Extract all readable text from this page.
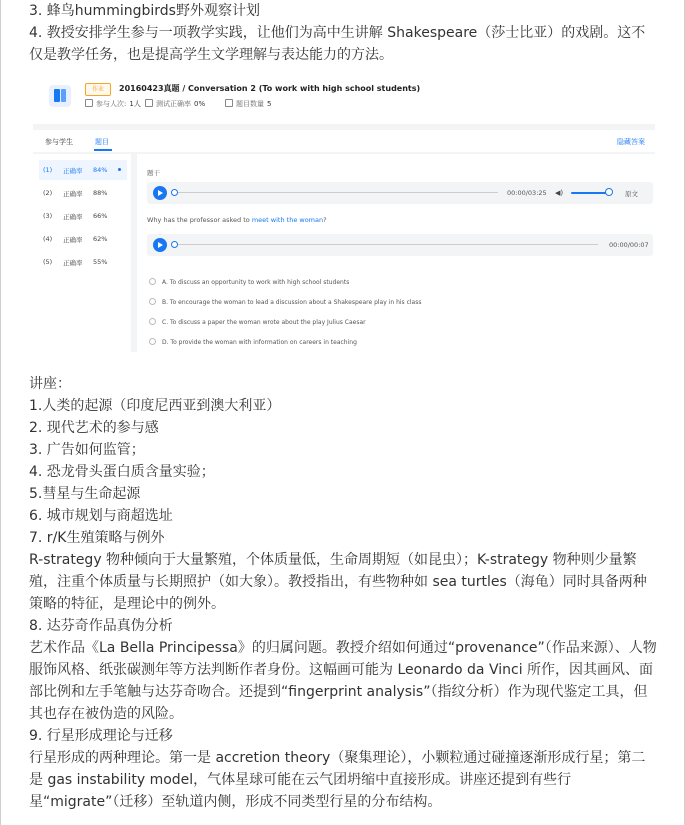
3. 蜂鸟hummingbirds野外观察计划
4. 教授安排学生参与一项教学实践，让他们为高中生讲解 Shakespeare（莎士比亚）的戏剧。这不仅是教学任务，也是提高学生文学理解与表达能力的方法。
作业	20160423真题 / Conversation 2 (To work with high school students)
参与人次: 1人	测试正确率 0%	题目数量 5
参与学生	题目	隐藏答案
(1) 正确率 84%
(2) 正确率 88%
(3) 正确率 66%
(4) 正确率 62%
(5) 正确率 55%
题干
00:00/03:25 ◀)	原文
Why has the professor asked to meet with the woman?
00:00/00:07
A. To discuss an opportunity to work with high school students
B. To encourage the woman to lead a discussion about a Shakespeare play in his class
C. To discuss a paper the woman wrote about the play Julius Caesar
D. To provide the woman with information on careers in teaching
讲座：
1.人类的起源（印度尼西亚到澳大利亚）
2. 现代艺术的参与感
3. 广告如何监管；
4. 恐龙骨头蛋白质含量实验；
5.彗星与生命起源
6. 城市规划与商超选址
7. r/K生殖策略与例外
R-strategy 物种倾向于大量繁殖，个体质量低，生命周期短（如昆虫）；K-strategy 物种则少量繁殖，注重个体质量与长期照护（如大象）。教授指出，有些物种如 sea turtles（海龟）同时具备两种策略的特征，是理论中的例外。
8. 达芬奇作品真伪分析
艺术作品《La Bella Principessa》的归属问题。教授介绍如何通过“provenance”（作品来源）、人物服饰风格、纸张碳测年等方法判断作者身份。这幅画可能为 Leonardo da Vinci 所作，因其画风、面部比例和左手笔触与达芬奇吻合。还提到“fingerprint analysis”（指纹分析）作为现代鉴定工具，但其也存在被伪造的风险。
9. 行星形成理论与迁移
行星形成的两种理论。第一是 accretion theory（聚集理论），小颗粒通过碰撞逐渐形成行星；第二是 gas instability model，气体星球可能在云气团坍缩中直接形成。讲座还提到有些行星“migrate”（迁移）至轨道内侧，形成不同类型行星的分布结构。
